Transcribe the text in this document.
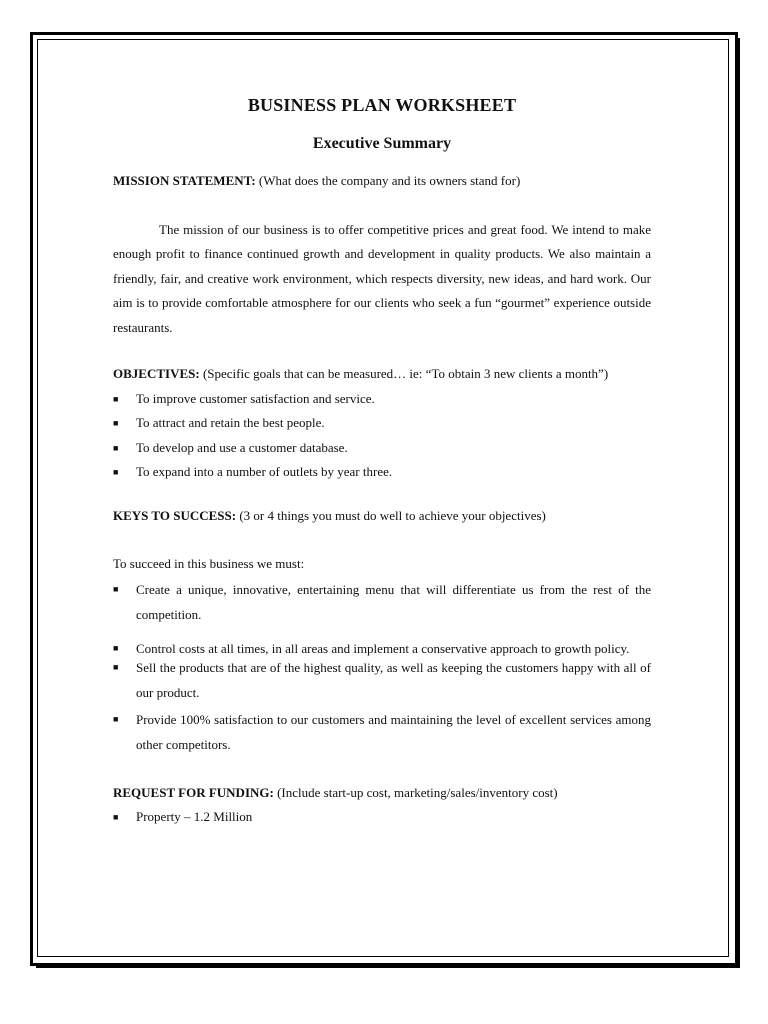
BUSINESS PLAN WORKSHEET
Executive Summary

MISSION STATEMENT: (What does the company and its owners stand for)

The mission of our business is to offer competitive prices and great food. We intend to make enough profit to finance continued growth and development in quality products. We also maintain a friendly, fair, and creative work environment, which respects diversity, new ideas, and hard work. Our aim is to provide comfortable atmosphere for our clients who seek a fun “gourmet” experience outside restaurants.

OBJECTIVES: (Specific goals that can be measured… ie: “To obtain 3 new clients a month”)

■ To improve customer satisfaction and service.
■ To attract and retain the best people.
■ To develop and use a customer database.
■ To expand into a number of outlets by year three.

KEYS TO SUCCESS: (3 or 4 things you must do well to achieve your objectives)

To succeed in this business we must:

■ Create a unique, innovative, entertaining menu that will differentiate us from the rest of the competition.
■ Control costs at all times, in all areas and implement a conservative approach to growth policy.
■ Sell the products that are of the highest quality, as well as keeping the customers happy with all of our product.
■ Provide 100% satisfaction to our customers and maintaining the level of excellent services among other competitors.

REQUEST FOR FUNDING: (Include start-up cost, marketing/sales/inventory cost)

■ Property – 1.2 Million
